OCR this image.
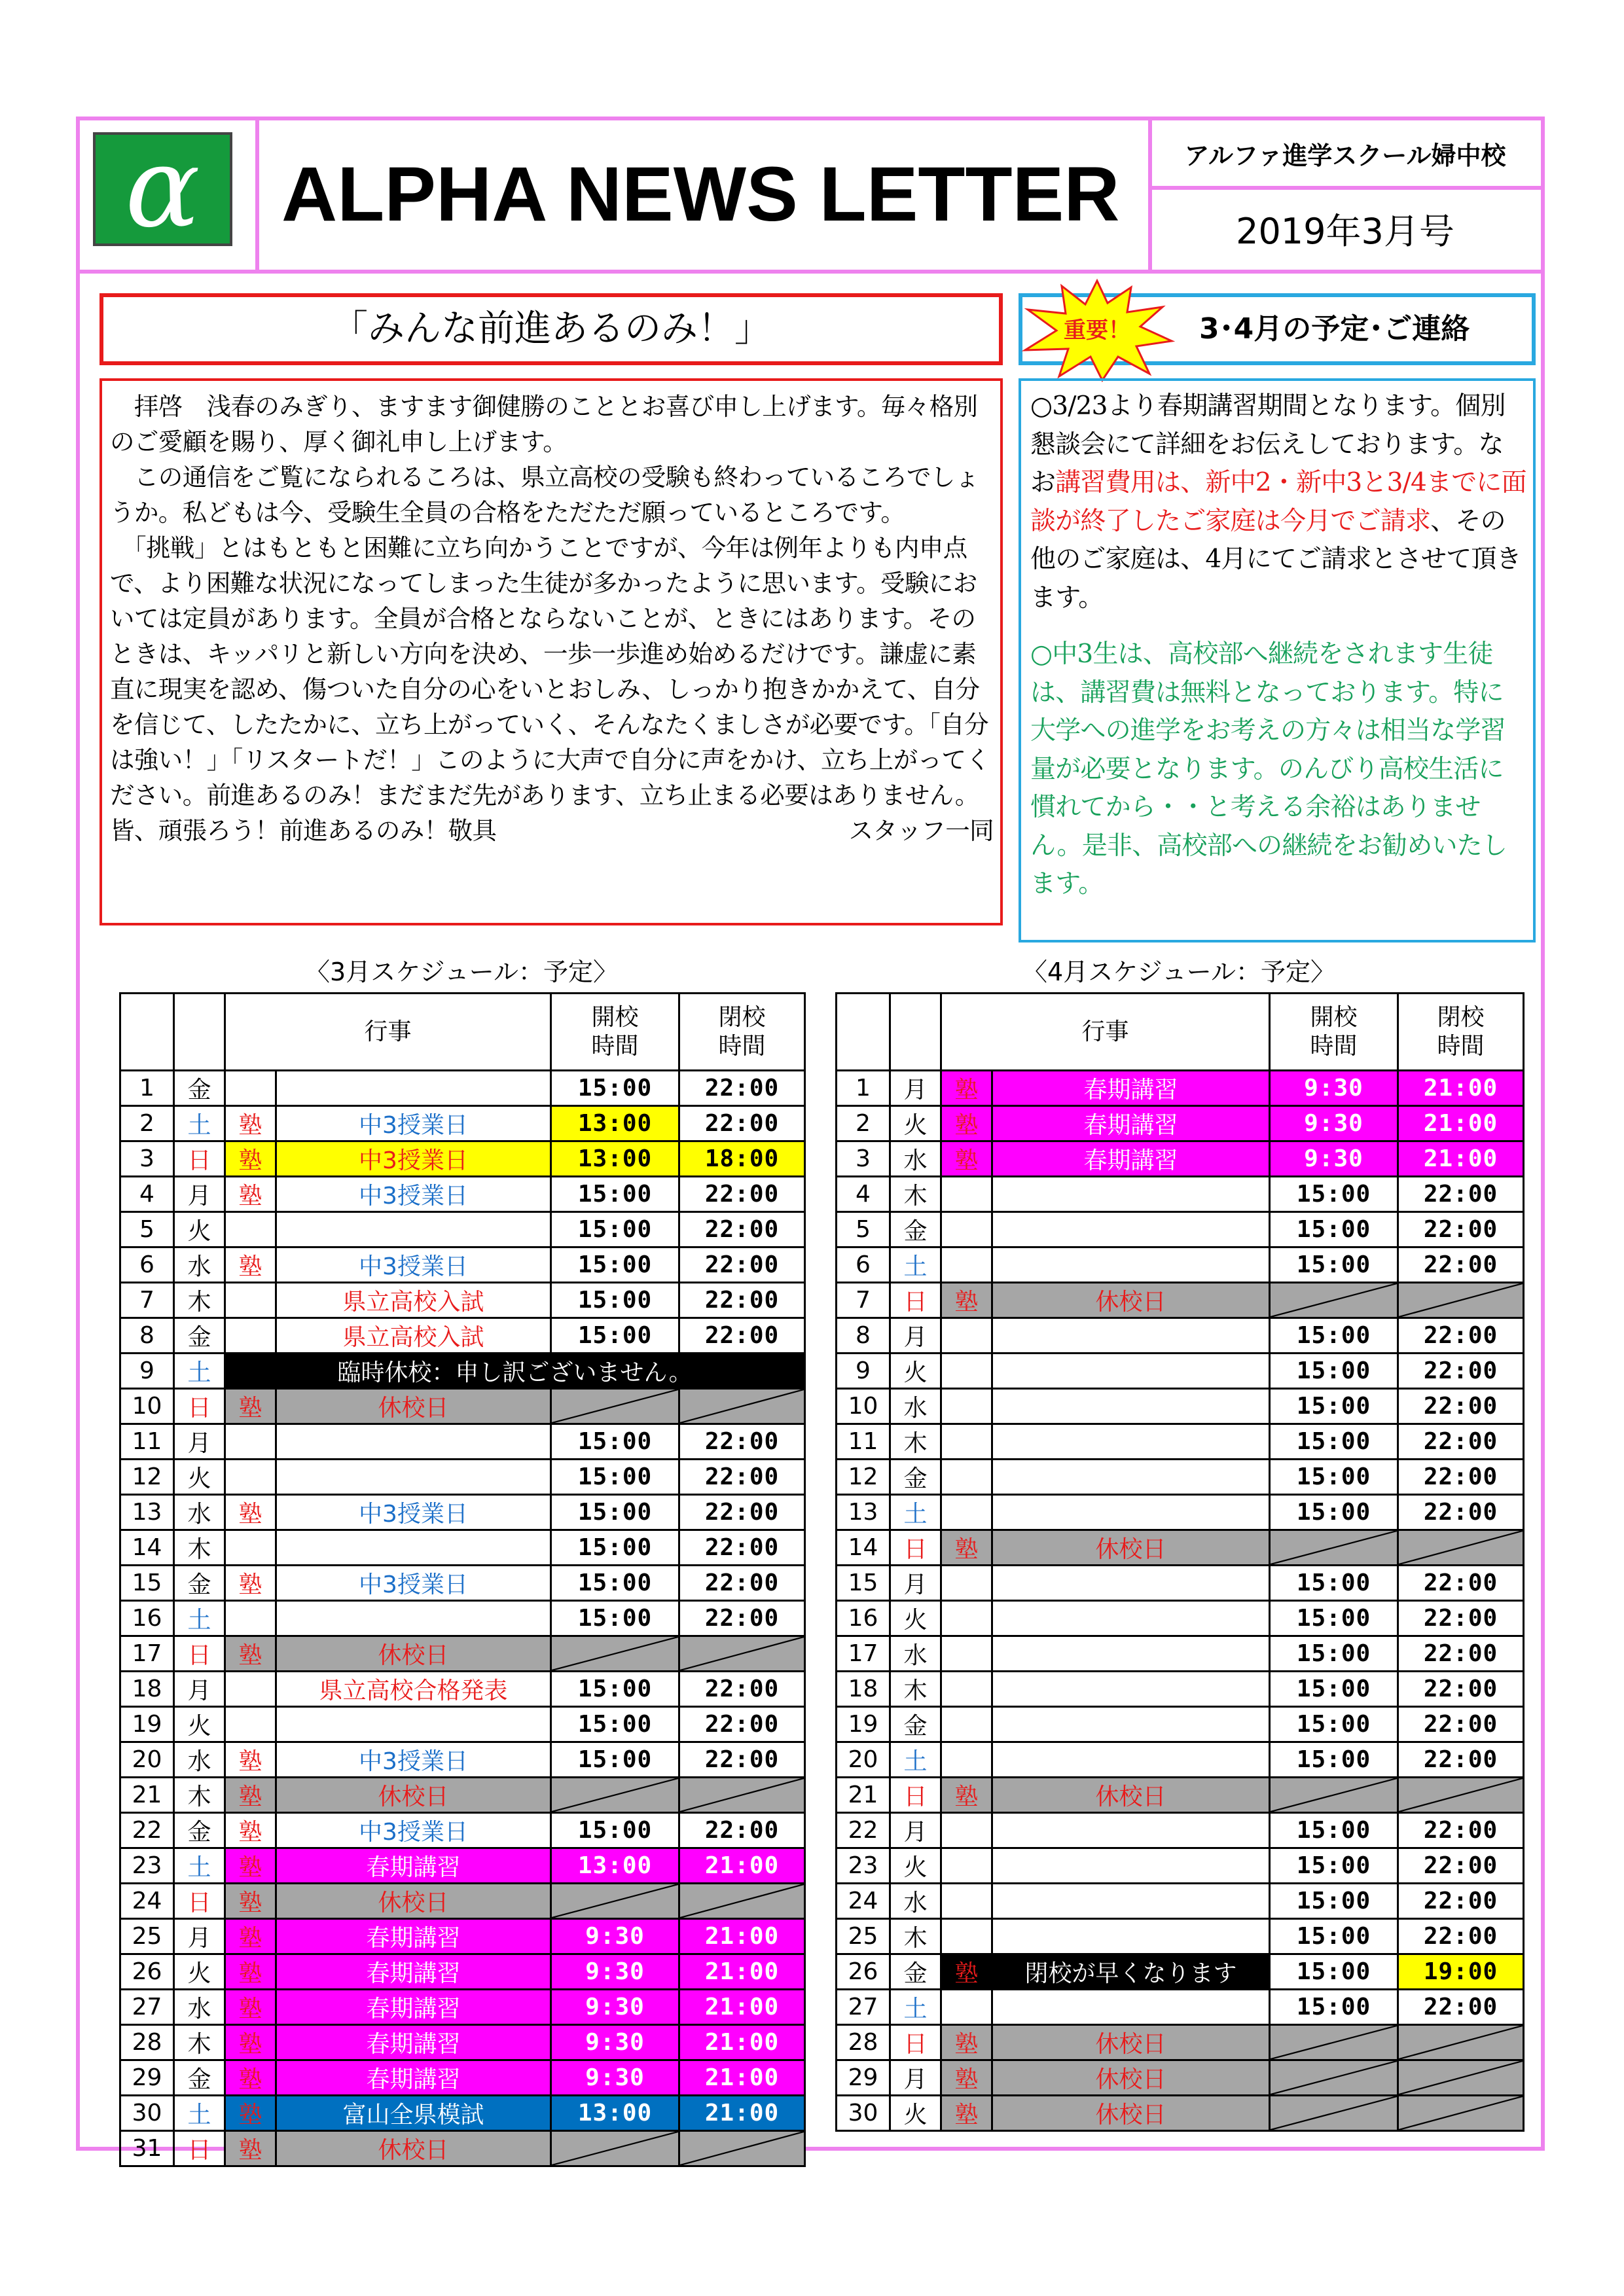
α	ALPHA NEWS LETTER	アルファ進学スクール婦中校
2019年3月号
「みんな前進あるのみ！」	3･4月の予定･ご連絡
重要！

　拝啓　浅春のみぎり、ますます御健勝のこととお喜び申し上げます。毎々格別のご愛顧を賜り、厚く御礼申し上げます。

　この通信をご覧になられるころは、県立高校の受験も終わっているころでしょうか。私どもは今、受験生全員の合格をただただ願っているところです。

　「挑戦」とはもともと困難に立ち向かうことですが、今年は例年よりも内申点で、より困難な状況になってしまった生徒が多かったように思います。受験においては定員があります。全員が合格とならないことが、ときにはあります。そのときは、キッパリと新しい方向を決め、一歩一歩進め始めるだけです。謙虚に素直に現実を認め、傷ついた自分の心をいとおしみ、しっかり抱きかかえて、自分を信じて、したたかに、立ち上がっていく、そんなたくましさが必要です。「自分は強い！」「リスタートだ！」このように大声で自分に声をかけ、立ち上がってください。前進あるのみ！まだまだ先があります、立ち止まる必要はありません。

皆、頑張ろう！前進あるのみ！敬具	スタッフ一同

○3/23より春期講習期間となります。個別懇談会にて詳細をお伝えしております。なお講習費用は、新中2・新中3と3/4までに面談が終了したご家庭は今月でご請求、その他のご家庭は、4月にてご請求とさせて頂きます。

○中3生は、高校部へ継続をされます生徒は、講習費は無料となっております。特に大学への進学をお考えの方々は相当な学習量が必要となります。のんびり高校生活に慣れてから・・と考える余裕はありません。是非、高校部への継続をお勧めいたします。

〈3月スケジュール：予定〉	〈4月スケジュール：予定〉
		行事		開校
時間	閉校
時間
1	金			15:00	22:00
2	土	塾	中3授業日	13:00	22:00
3	日	塾	中3授業日	13:00	18:00
4	月	塾	中3授業日	15:00	22:00
5	火			15:00	22:00
6	水	塾	中3授業日	15:00	22:00
7	木		県立高校入試	15:00	22:00
8	金		県立高校入試	15:00	22:00
9	土	臨時休校：申し訳ございません。			
10	日	塾	休校日	

11	月			15:00	22:00
12	火			15:00	22:00
13	水	塾	中3授業日	15:00	22:00
14	木			15:00	22:00
15	金	塾	中3授業日	15:00	22:00
16	土			15:00	22:00
17	日	塾	休校日	

18	月		県立高校合格発表	15:00	22:00
19	火			15:00	22:00
20	水	塾	中3授業日	15:00	22:00
21	木	塾	休校日	

22	金	塾	中3授業日	15:00	22:00
23	土	塾	春期講習	13:00	21:00
24	日	塾	休校日	

25	月	塾	春期講習	9:30	21:00
26	火	塾	春期講習	9:30	21:00
27	水	塾	春期講習	9:30	21:00
28	木	塾	春期講習	9:30	21:00
29	金	塾	春期講習	9:30	21:00
30	土	塾	富山全県模試	13:00	21:00
31	日	塾	休校日	

		行事		開校
時間	閉校
時間
1	月	塾	春期講習	9:30	21:00
2	火	塾	春期講習	9:30	21:00
3	水	塾	春期講習	9:30	21:00
4	木			15:00	22:00
5	金			15:00	22:00
6	土			15:00	22:00
7	日	塾	休校日	

8	月			15:00	22:00
9	火			15:00	22:00
10	水			15:00	22:00
11	木			15:00	22:00
12	金			15:00	22:00
13	土			15:00	22:00
14	日	塾	休校日	

15	月			15:00	22:00
16	火			15:00	22:00
17	水			15:00	22:00
18	木			15:00	22:00
19	金			15:00	22:00
20	土			15:00	22:00
21	日	塾	休校日	

22	月			15:00	22:00
23	火			15:00	22:00
24	水			15:00	22:00
25	木			15:00	22:00
26	金	塾	閉校が早くなります	15:00	19:00
27	土			15:00	22:00
28	日	塾	休校日	

29	月	塾	休校日	

30	火	塾	休校日	
